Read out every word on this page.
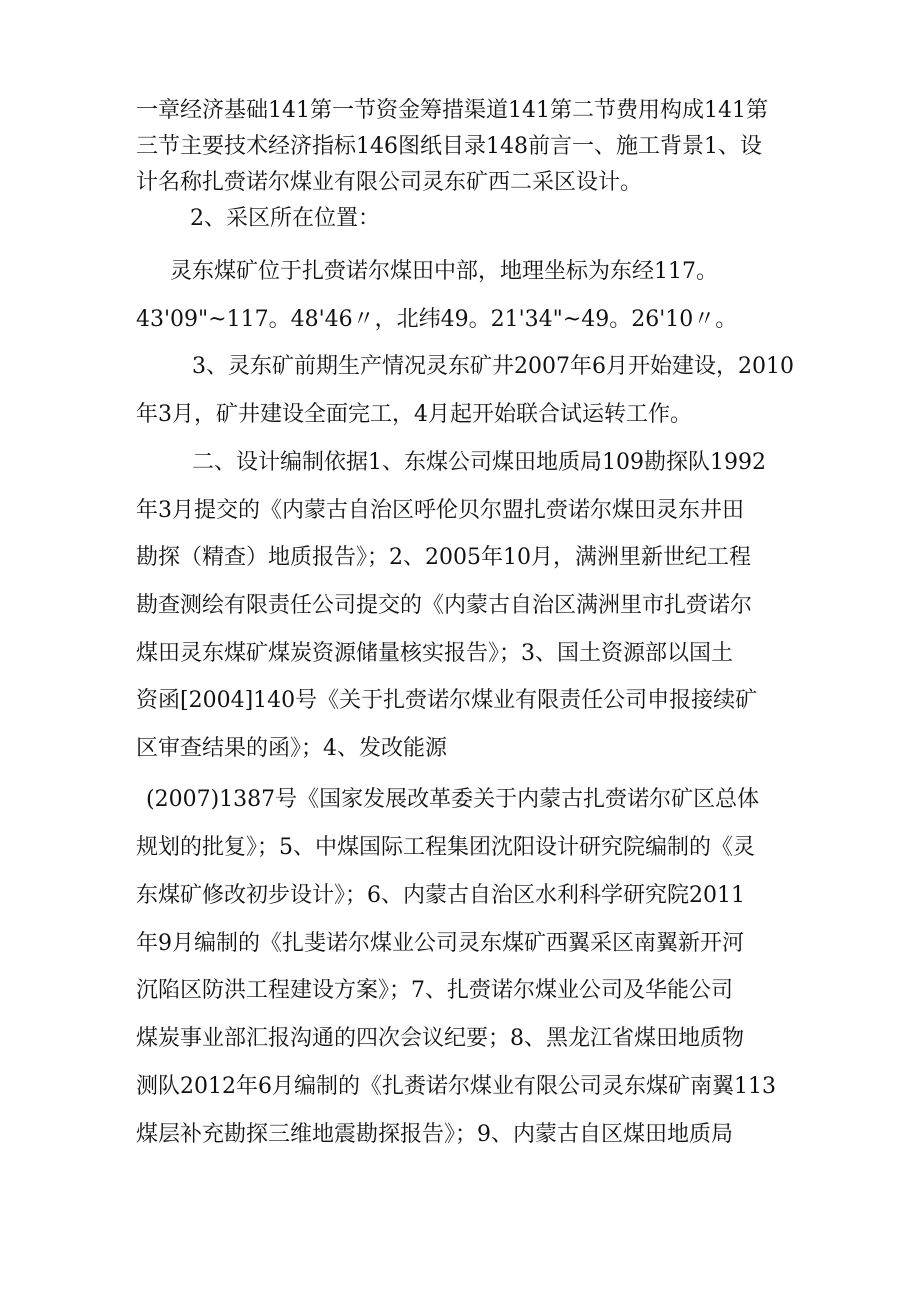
一章经济基础141第一节资金筹措渠道141第二节费用构成141第
三节主要技术经济指标146图纸目录148前言一、施工背景1、设
计名称扎赍诺尔煤业有限公司灵东矿西二采区设计。
2、采区所在位置：
灵东煤矿位于扎赍诺尔煤田中部，地理坐标为东经117。
43'09"~117。48'46〃，北纬49。21'34"~49。26'10〃。
3、灵东矿前期生产情况灵东矿井2007年6月开始建设，2010
年3月，矿井建设全面完工，4月起开始联合试运转工作。
二、设计编制依据1、东煤公司煤田地质局109勘探队1992
年3月提交的《内蒙古自治区呼伦贝尔盟扎赍诺尔煤田灵东井田
勘探（精查）地质报告》；2、2005年10月，满洲里新世纪工程
勘查测绘有限责任公司提交的《内蒙古自治区满洲里市扎赍诺尔
煤田灵东煤矿煤炭资源储量核实报告》；3、国土资源部以国土
资函[2004]140号《关于扎赍诺尔煤业有限责任公司申报接续矿
区审查结果的函》；4、发改能源
(2007)1387号《国家发展改革委关于内蒙古扎赍诺尔矿区总体
规划的批复》；5、中煤国际工程集团沈阳设计研究院编制的《灵
东煤矿修改初步设计》；6、内蒙古自治区水利科学研究院2011
年9月编制的《扎斐诺尔煤业公司灵东煤矿西翼采区南翼新开河
沉陷区防洪工程建设方案》；7、扎赍诺尔煤业公司及华能公司
煤炭事业部汇报沟通的四次会议纪要；8、黑龙江省煤田地质物
测队2012年6月编制的《扎赉诺尔煤业有限公司灵东煤矿南翼113
煤层补充勘探三维地震勘探报告》；9、内蒙古自区煤田地质局
